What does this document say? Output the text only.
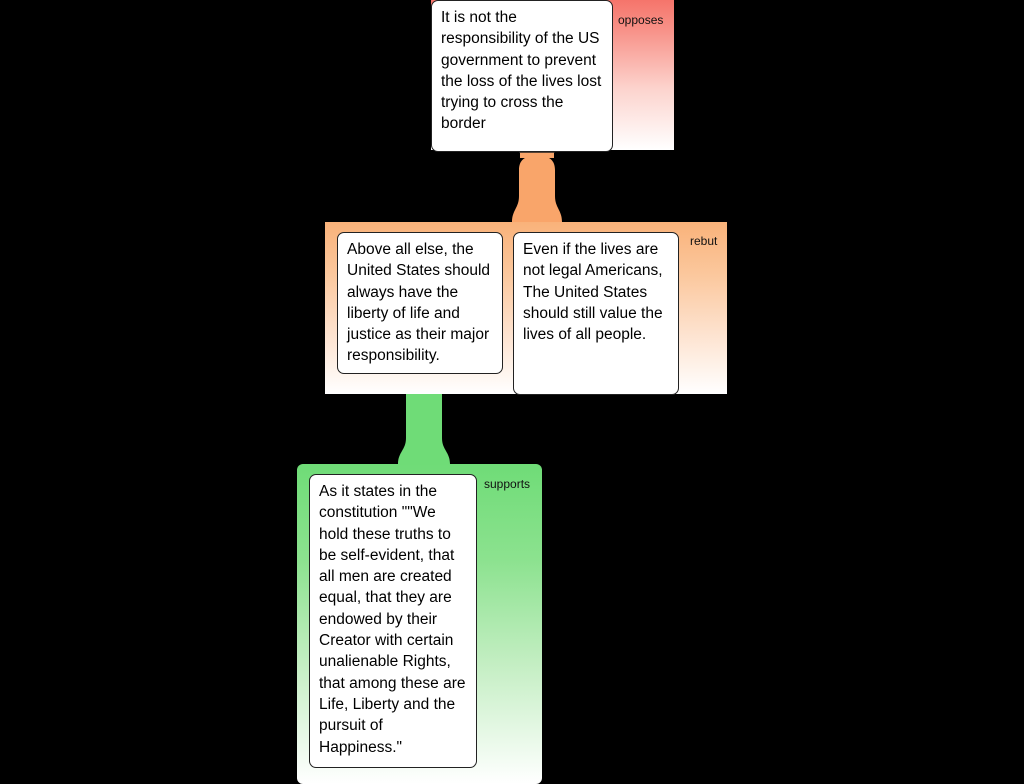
opposes
It is not the responsibility of the US government to prevent the loss of the lives lost trying to cross the border
rebut
Above all else, the United States should always have the liberty of life and justice as their major responsibility.
Even if the lives are not legal Americans, The United States should still value the lives of all people.
supports
As it states in the constitution ""We hold these truths to be self-evident, that all men are created equal, that they are endowed by their Creator with certain unalienable Rights, that among these are Life, Liberty and the pursuit of Happiness."
